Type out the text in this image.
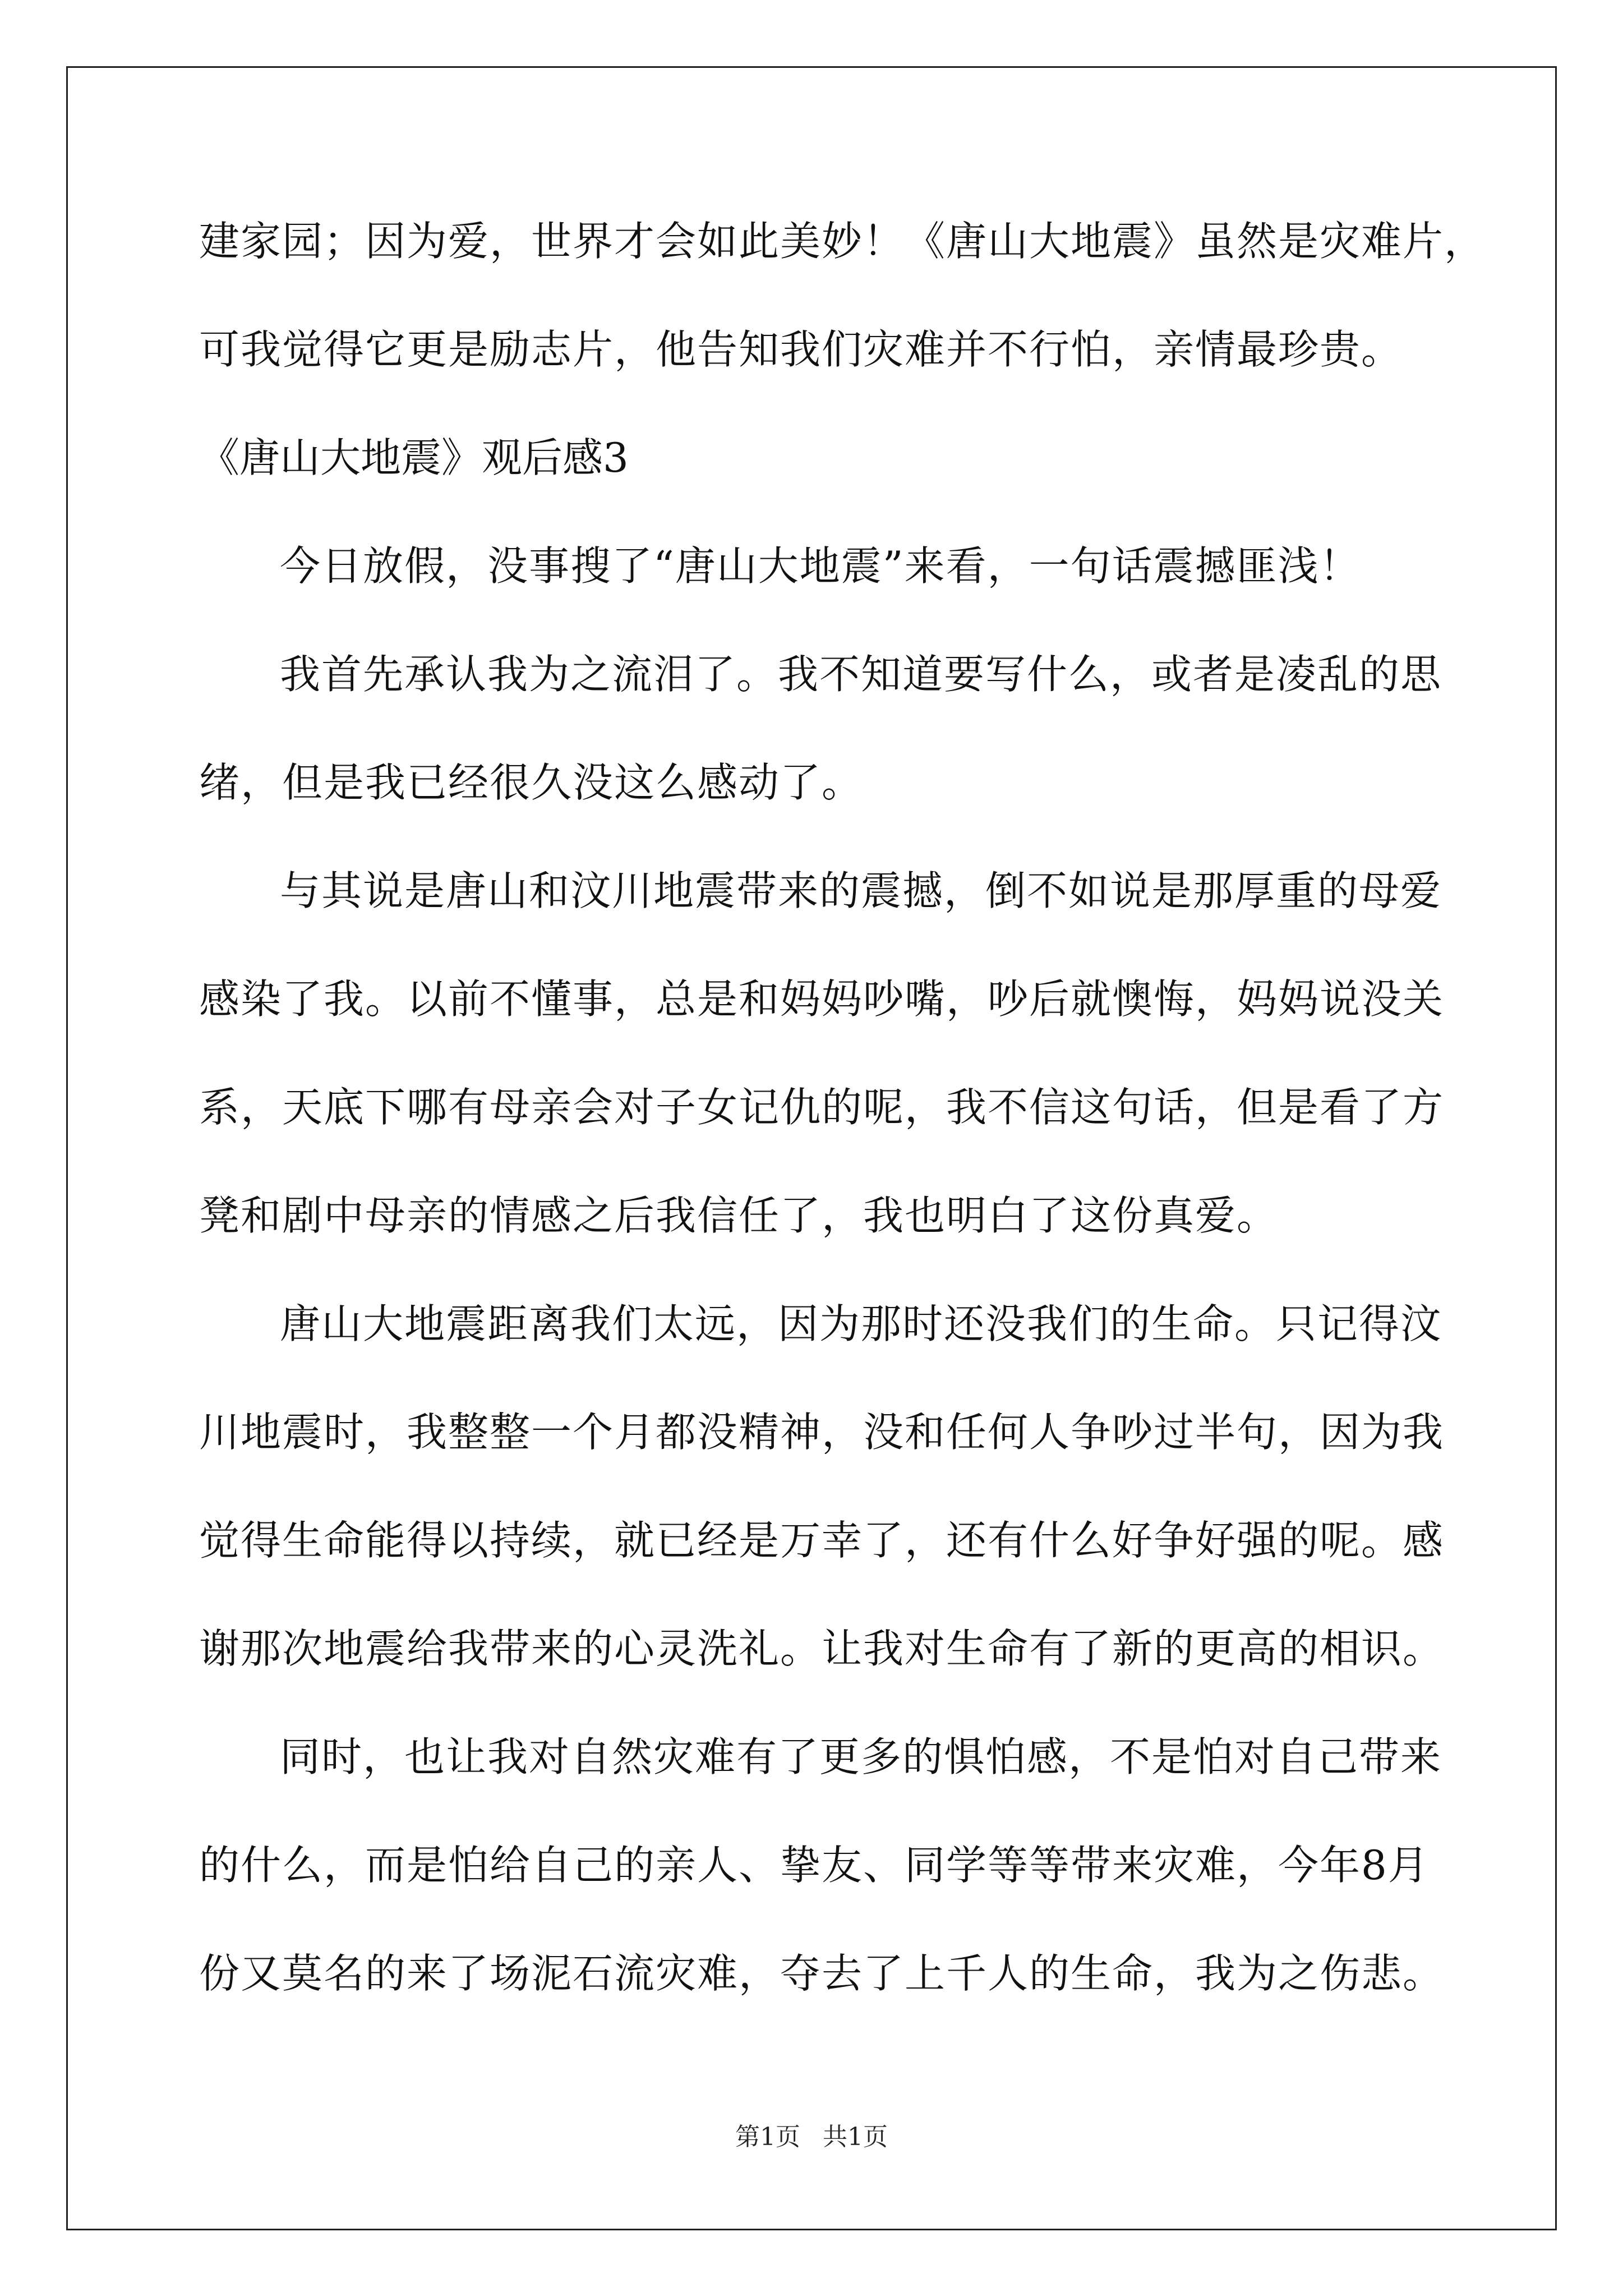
建家园；因为爱，世界才会如此美妙！《唐山大地震》虽然是灾难片，
可我觉得它更是励志片，他告知我们灾难并不行怕，亲情最珍贵。
《唐山大地震》观后感3
今日放假，没事搜了“唐山大地震”来看，一句话震撼匪浅！
我首先承认我为之流泪了。我不知道要写什么，或者是凌乱的思
绪，但是我已经很久没这么感动了。
与其说是唐山和汶川地震带来的震撼，倒不如说是那厚重的母爱
感染了我。以前不懂事，总是和妈妈吵嘴，吵后就懊悔，妈妈说没关
系，天底下哪有母亲会对子女记仇的呢，我不信这句话，但是看了方
凳和剧中母亲的情感之后我信任了，我也明白了这份真爱。
唐山大地震距离我们太远，因为那时还没我们的生命。只记得汶
川地震时，我整整一个月都没精神，没和任何人争吵过半句，因为我
觉得生命能得以持续，就已经是万幸了，还有什么好争好强的呢。感
谢那次地震给我带来的心灵洗礼。让我对生命有了新的更高的相识。
同时，也让我对自然灾难有了更多的惧怕感，不是怕对自己带来
的什么，而是怕给自己的亲人、挚友、同学等等带来灾难，今年8月
份又莫名的来了场泥石流灾难，夺去了上千人的生命，我为之伤悲。
第1页 共1页
